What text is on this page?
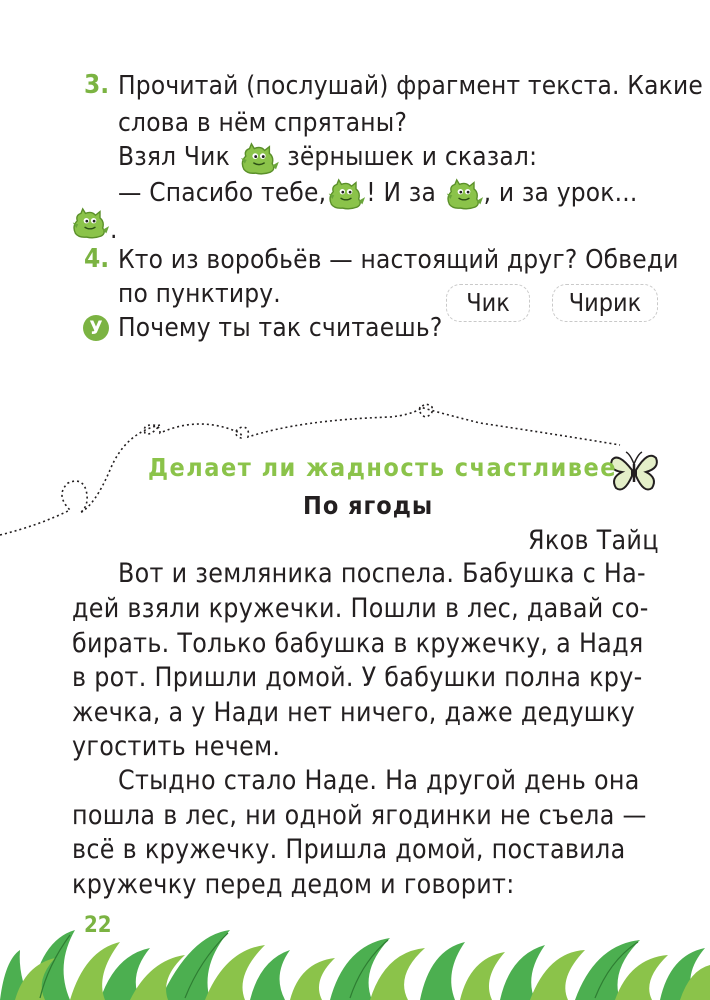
3. Прочитай (послушай) фрагмент текста. Какие
слова в нём спрятаны?
Взял Чик зёрнышек и сказал:
— Спасибо тебе, ! И за , и за урок...
.
4. Кто из воробьёв — настоящий друг? Обведи
по пунктиру.
У Почему ты так считаешь?
Чик	Чирик
Делает ли жадность счастливее
По ягоды
Яков Тайц
Вот и земляника поспела. Бабушка с На-
дей взяли кружечки. Пошли в лес, давай со-
бирать. Только бабушка в кружечку, а Надя
в рот. Пришли домой. У бабушки полна кру-
жечка, а у Нади нет ничего, даже дедушку
угостить нечем.
Стыдно стало Наде. На другой день она
пошла в лес, ни одной ягодинки не съела —
всё в кружечку. Пришла домой, поставила
кружечку перед дедом и говорит:
22
